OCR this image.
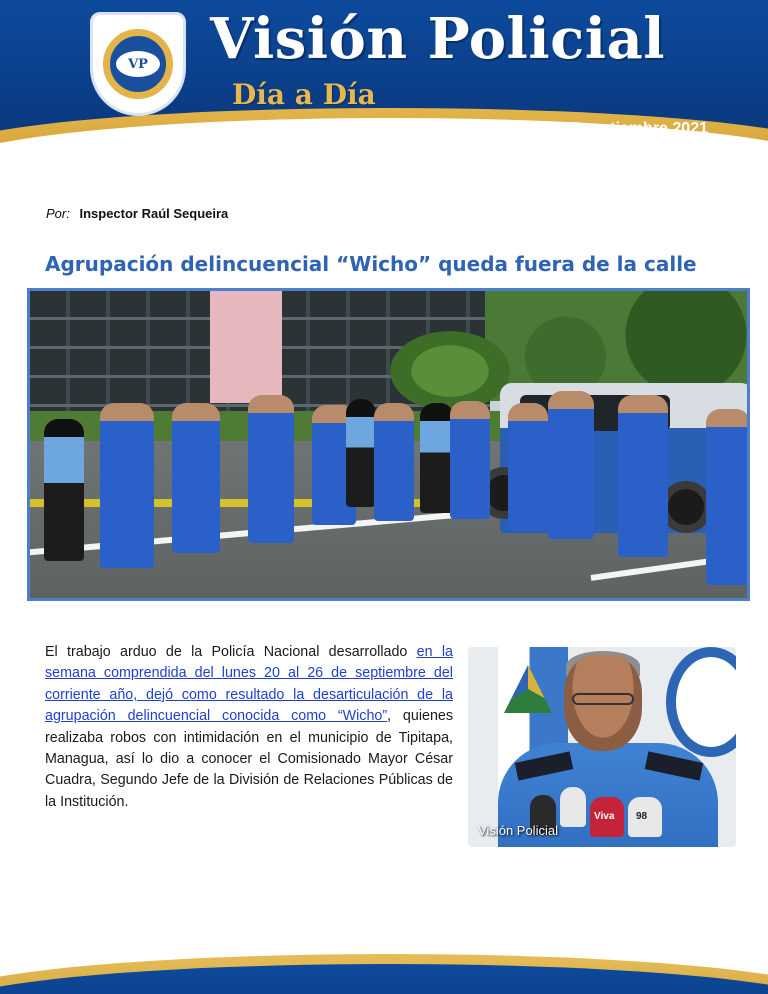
VP Visión Policial
Día a Día
Edición 217	Managua, 27 septiembre 2021
Por: Inspector Raúl Sequeira
Agrupación delincuencial “Wicho” queda fuera de la calle

El trabajo arduo de la Policía Nacional desarrollado en la semana comprendida del lunes 20 al 26 de septiembre del corriente año, dejó como resultado la desarticulación de la agrupación delincuencial conocida como “Wicho”, quienes realizaba robos con intimidación en el municipio de Tipitapa, Managua, así lo dio a conocer el Comisionado Mayor César Cuadra, Segundo Jefe de la División de Relaciones Públicas de la Institución.

Viva 98
Visión Policial
